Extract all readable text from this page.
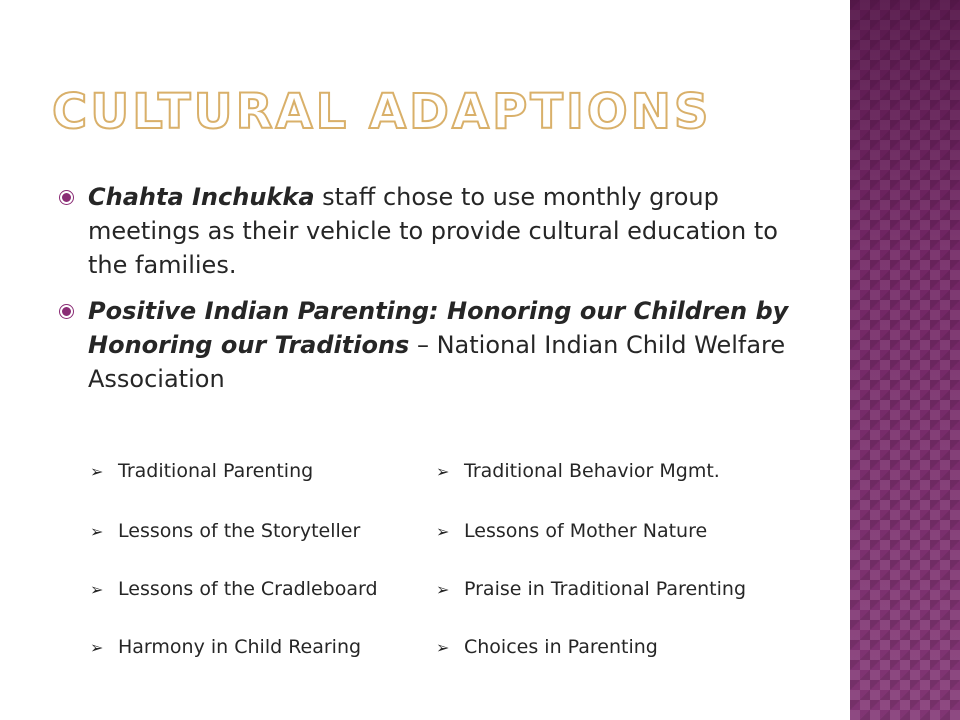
CULTURAL ADAPTIONS
Chahta Inchukka staff chose to use monthly group meetings as their vehicle to provide cultural education to the families.
Positive Indian Parenting: Honoring our Children by Honoring our Traditions – National Indian Child Welfare Association
➢ Traditional Parenting
➢ Lessons of the Storyteller
➢ Lessons of the Cradleboard
➢ Harmony in Child Rearing
➢ Traditional Behavior Mgmt.
➢ Lessons of Mother Nature
➢ Praise in Traditional Parenting
➢ Choices in Parenting
